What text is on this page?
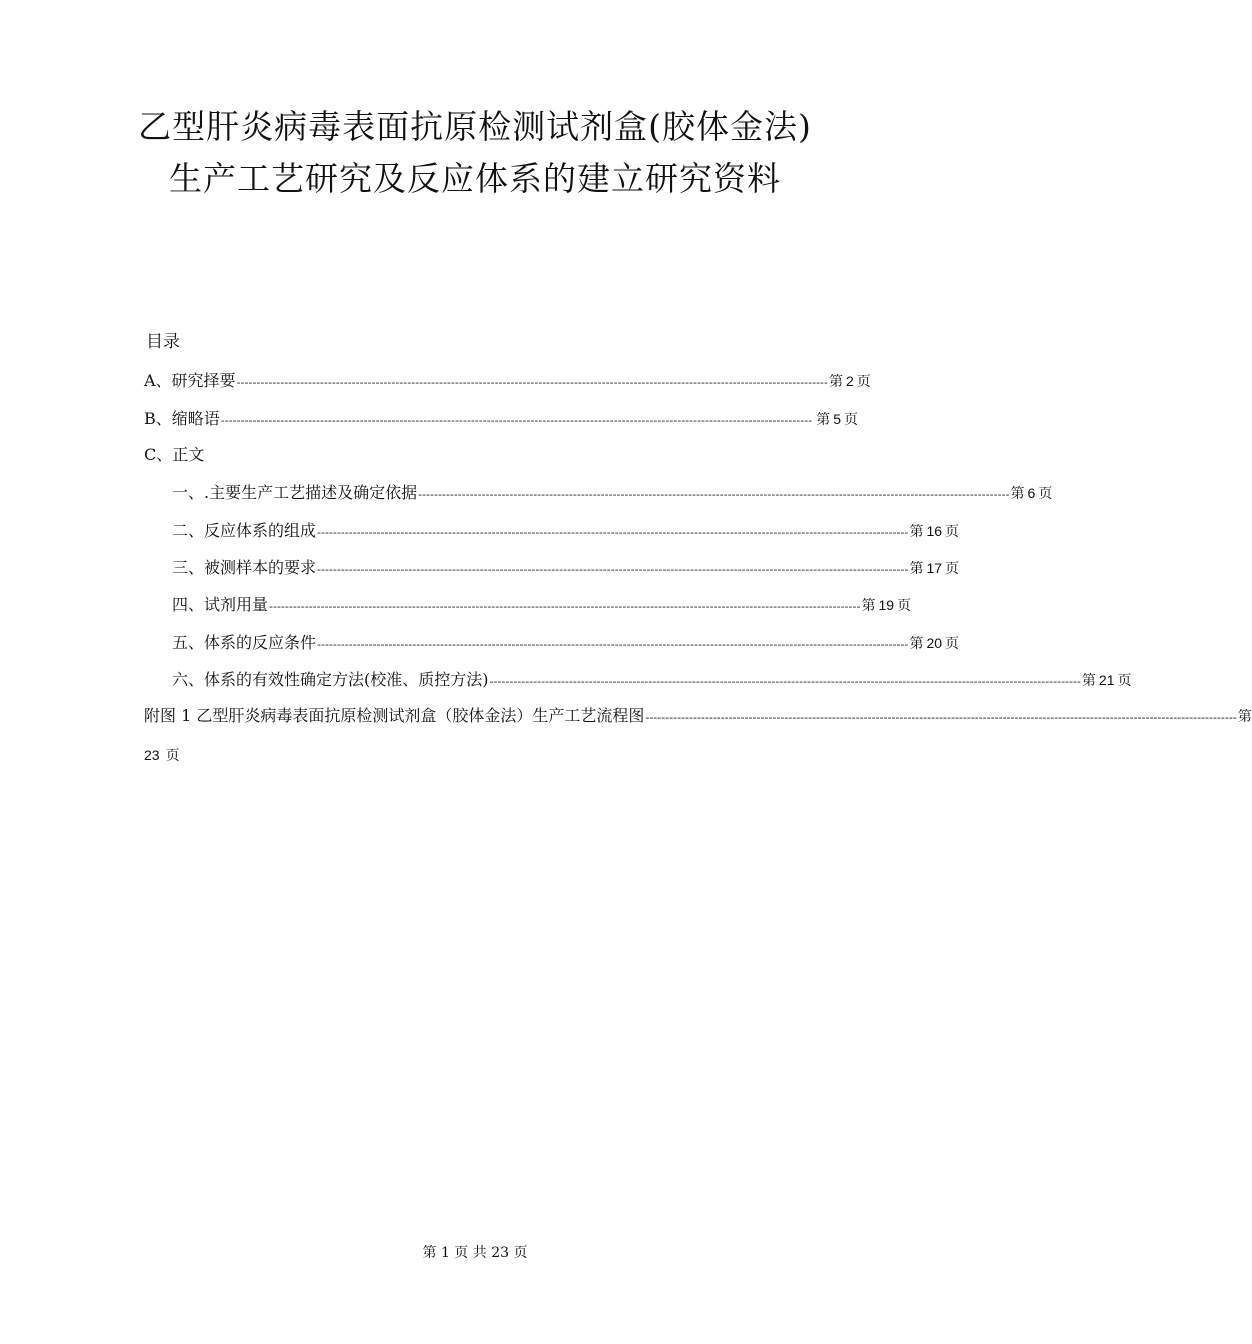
乙型肝炎病毒表面抗原检测试剂盒(胶体金法)
生产工艺研究及反应体系的建立研究资料
目录
A、研究择要 ----------------------------------------------------------------------------------------------------------------------------------------------------- 第 2 页
B、缩略语 ----------------------------------------------------------------------------------------------------------------------------------------------------- 第 5 页
C、正文
一、.主要生产工艺描述及确定依据 ----------------------------------------------------------------------------------------------------------------------------------------------------- 第 6 页
二、反应体系的组成 ----------------------------------------------------------------------------------------------------------------------------------------------------- 第 16 页
三、被测样本的要求 ----------------------------------------------------------------------------------------------------------------------------------------------------- 第 17 页
四、试剂用量 ----------------------------------------------------------------------------------------------------------------------------------------------------- 第 19 页
五、体系的反应条件 ----------------------------------------------------------------------------------------------------------------------------------------------------- 第 20 页
六、体系的有效性确定方法(校准、质控方法) ----------------------------------------------------------------------------------------------------------------------------------------------------- 第 21 页
附图 1 乙型肝炎病毒表面抗原检测试剂盒（胶体金法）生产工艺流程图 ----------------------------------------------------------------------------------------------------------------------------------------------------- 第
23 页
第 1 页 共 23 页
